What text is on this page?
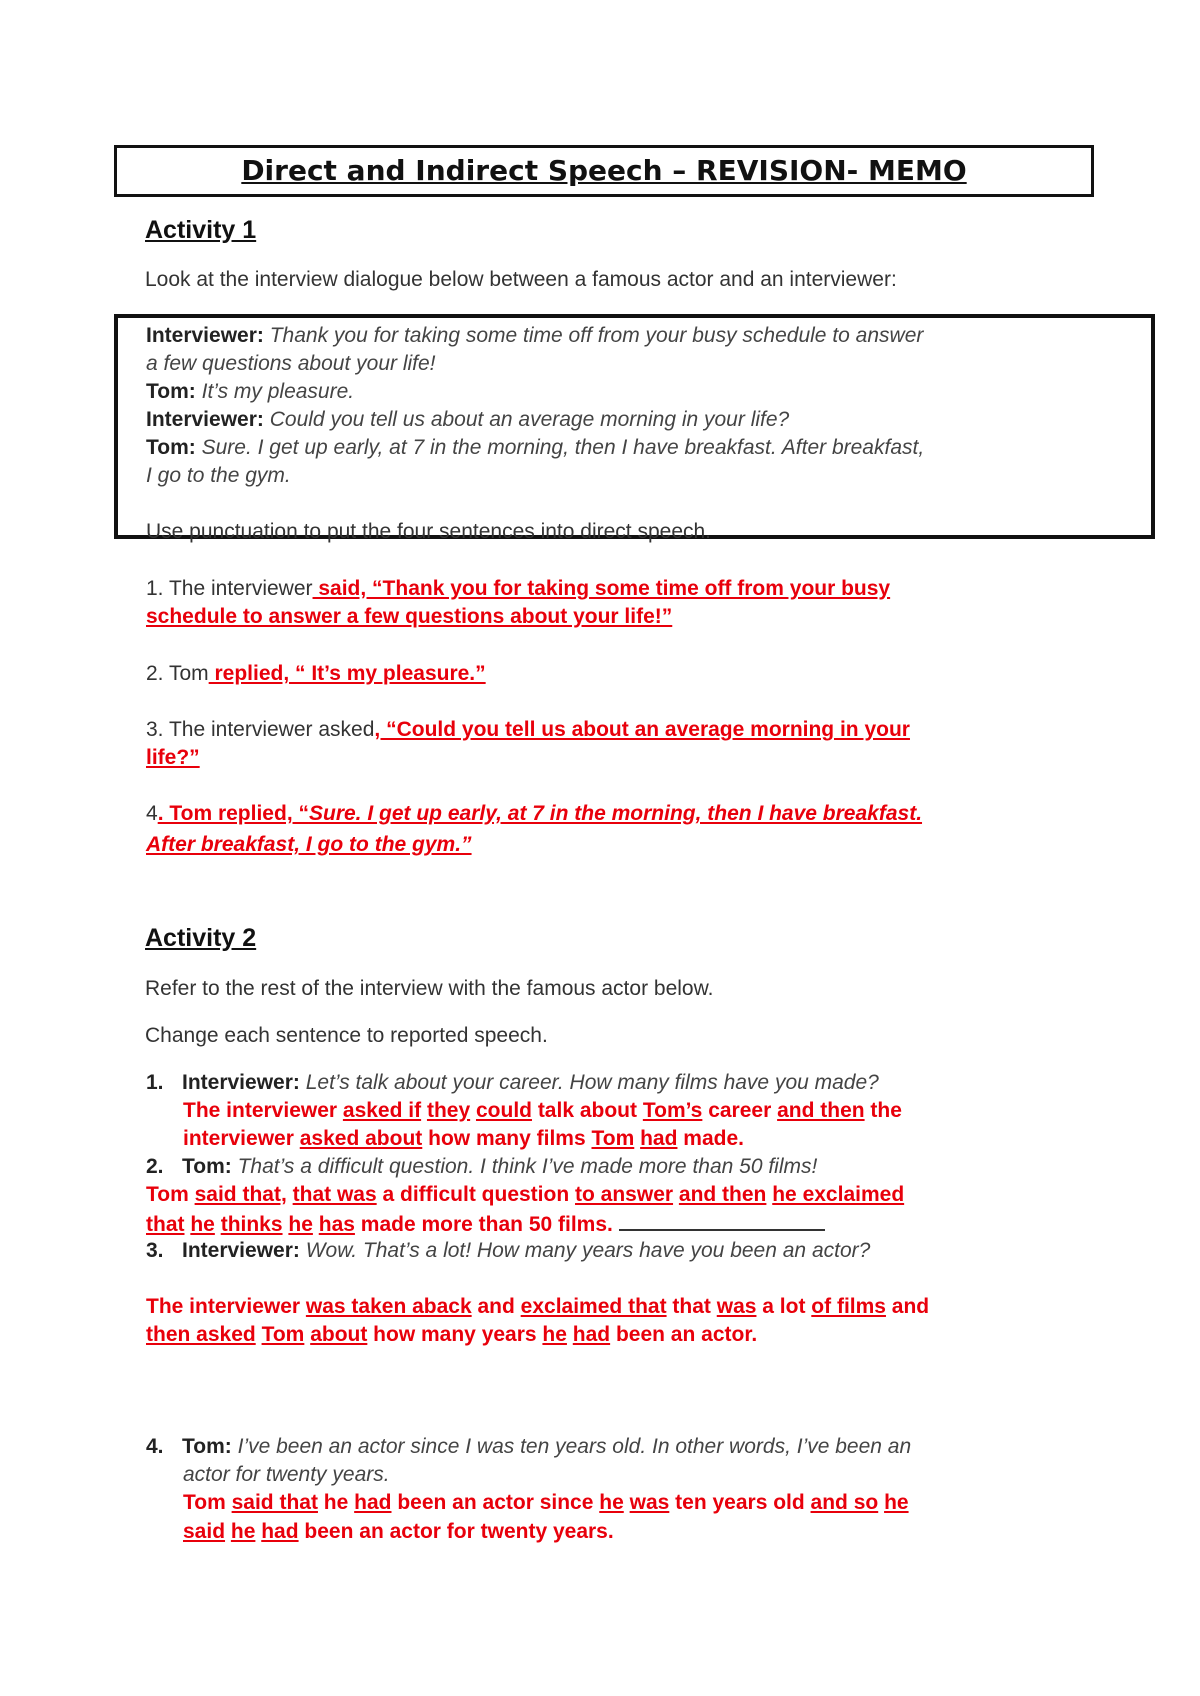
Direct and Indirect Speech – REVISION- MEMO
Activity 1
Look at the interview dialogue below between a famous actor and an interviewer:
Interviewer: Thank you for taking some time off from your busy schedule to answer
a few questions about your life!
Tom: It’s my pleasure.
Interviewer: Could you tell us about an average morning in your life?
Tom: Sure. I get up early, at 7 in the morning, then I have breakfast. After breakfast,
I go to the gym.
Use punctuation to put the four sentences into direct speech.
1. The interviewer said, “Thank you for taking some time off from your busy
schedule to answer a few questions about your life!”
2. Tom replied, “ It’s my pleasure.”
3. The interviewer asked, “Could you tell us about an average morning in your
life?”
4. Tom replied, “Sure. I get up early, at 7 in the morning, then I have breakfast.
After breakfast, I go to the gym.”
Activity 2
Refer to the rest of the interview with the famous actor below.
Change each sentence to reported speech.
1. Interviewer: Let’s talk about your career. How many films have you made?
The interviewer asked if they could talk about Tom’s career and then the
interviewer asked about how many films Tom had made.
2. Tom: That’s a difficult question. I think I’ve made more than 50 films!
Tom said that, that was a difficult question to answer and then he exclaimed
that he thinks he has made more than 50 films.
3. Interviewer: Wow. That’s a lot! How many years have you been an actor?
The interviewer was taken aback and exclaimed that that was a lot of films and
then asked Tom about how many years he had been an actor.
4. Tom: I’ve been an actor since I was ten years old. In other words, I’ve been an
actor for twenty years.
Tom said that he had been an actor since he was ten years old and so he
said he had been an actor for twenty years.
